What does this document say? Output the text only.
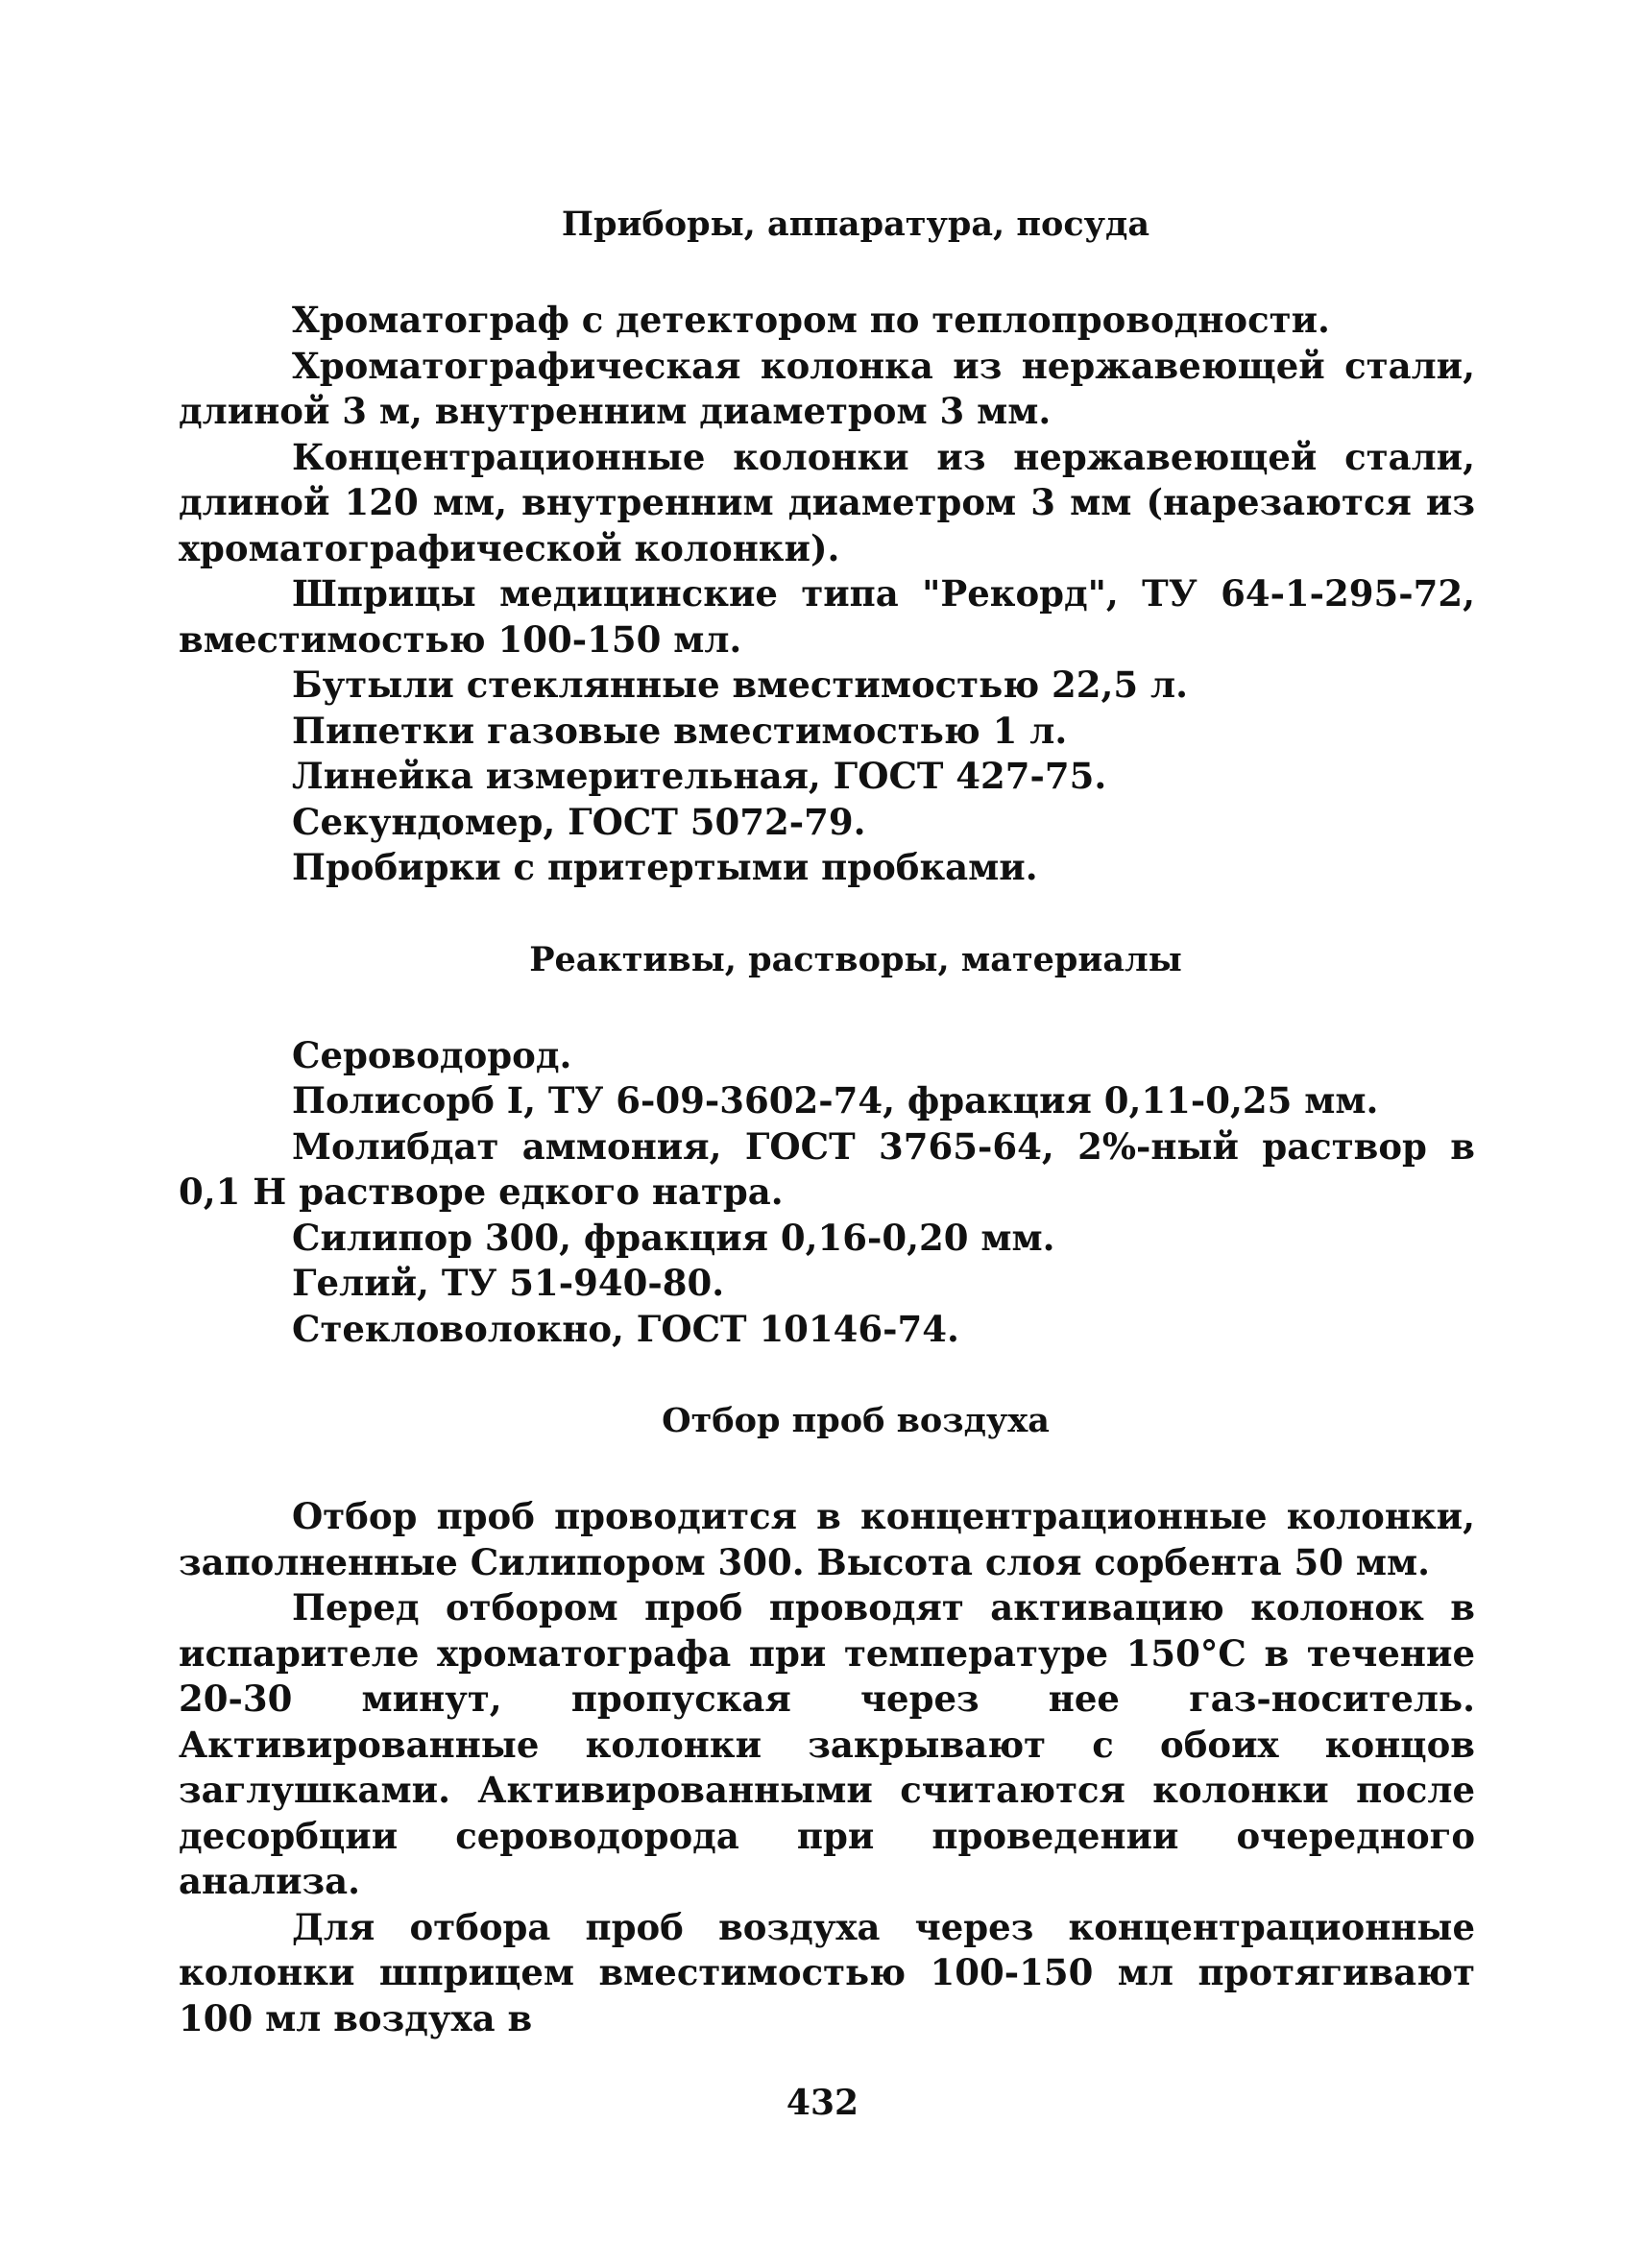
Приборы, аппаратура, посуда

Хроматограф с детектором по теплопроводности.

Хроматографическая колонка из нержавеющей стали, длиной 3 м, внутренним диаметром 3 мм.

Концентрационные колонки из нержавеющей стали, длиной 120 мм, внутренним диаметром 3 мм (нарезаются из хроматографической колонки).

Шприцы медицинские типа "Рекорд", ТУ 64-1-295-72, вместимостью 100-150 мл.

Бутыли стеклянные вместимостью 22,5 л.

Пипетки газовые вместимостью 1 л.

Линейка измерительная, ГОСТ 427-75.

Секундомер, ГОСТ 5072-79.

Пробирки с притертыми пробками.

Реактивы, растворы, материалы

Сероводород.

Полисорб I, ТУ 6-09-3602-74, фракция 0,11-0,25 мм.

Молибдат аммония, ГОСТ 3765-64, 2%-ный раствор в 0,1 Н растворе едкого натра.

Силипор 300, фракция 0,16-0,20 мм.

Гелий, ТУ 51-940-80.

Стекловолокно, ГОСТ 10146-74.

Отбор проб воздуха

Отбор проб проводится в концентрационные колонки, заполненные Силипором 300. Высота слоя сорбента 50 мм.

Перед отбором проб проводят активацию колонок в испарителе хроматографа при температуре 150°С в течение 20-30 минут, пропуская через нее газ-носитель. Активированные колонки закрывают с обоих концов заглушками. Активированными считаются колонки после десорбции сероводорода при проведении очередного анализа.

Для отбора проб воздуха через концентрационные колонки шприцем вместимостью 100-150 мл протягивают 100 мл воздуха в

432
